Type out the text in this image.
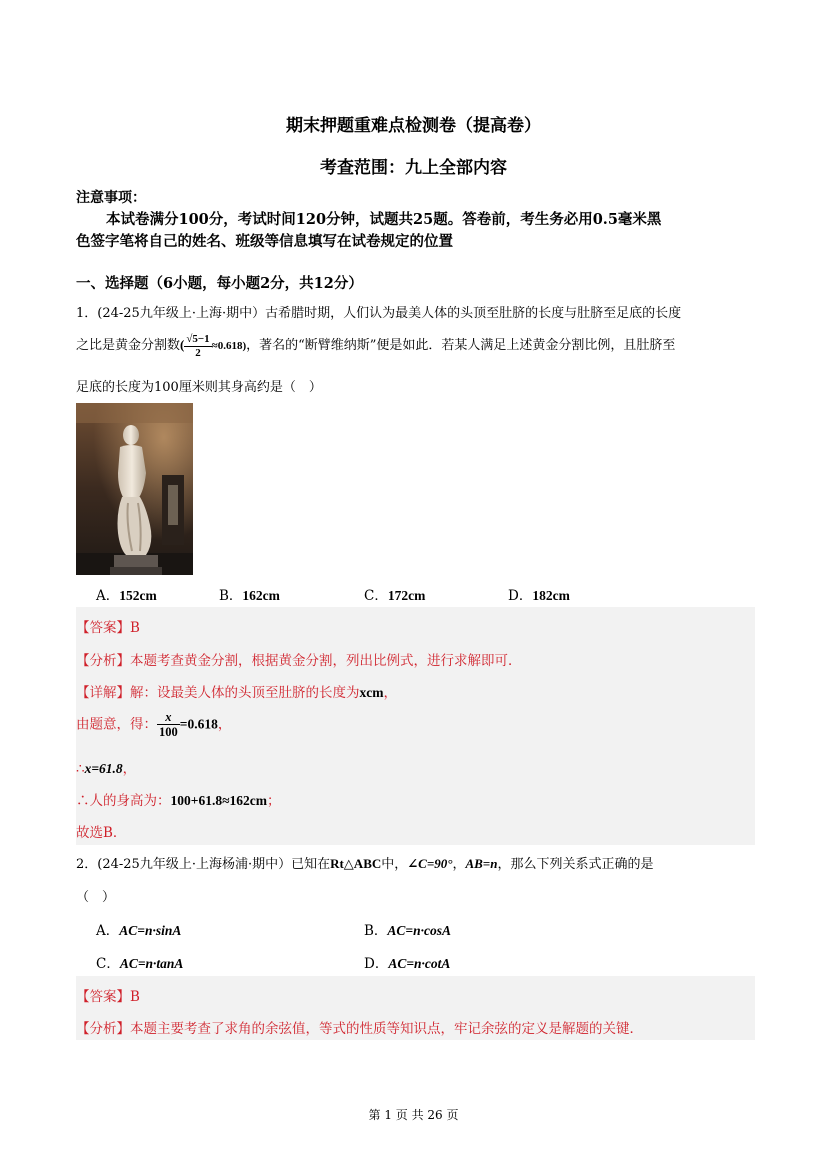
期末押题重难点检测卷（提高卷）
考查范围：九上全部内容
注意事项：
本试卷满分100分，考试时间120分钟，试题共25题。答卷前，考生务必用0.5毫米黑
色签字笔将自己的姓名、班级等信息填写在试卷规定的位置
一、选择题（6小题，每小题2分，共12分）
1．(24-25九年级上·上海·期中）古希腊时期，人们认为最美人体的头顶至肚脐的长度与肚脐至足底的长度
之比是黄金分割数( $\frac{√5-1}{2} \approx 0.618$)，著名的“断臂维纳斯”便是如此．若某人满足上述黄金分割比例，且肚脐至
足底的长度为100厘米则其身高约是（　）
A．152cm	B．162cm	C．172cm	D．182cm
【答案】B
【分析】本题考查黄金分割，根据黄金分割，列出比例式，进行求解即可．
【详解】解：设最美人体的头顶至肚脐的长度为xcm，
由题意，得： $\frac{x}{100} =0.618$，
∴x=61.8，
∴人的身高为：100+61.8≈162cm；
故选B．
2．(24-25九年级上·上海杨浦·期中）已知在Rt△ABC中，∠C=90°，AB=n，那么下列关系式正确的是
（　）
A．AC=n·sinA	B．AC=n·cosA
C．AC=n·tanA	D．AC=n·cotA
【答案】B
【分析】本题主要考查了求角的余弦值，等式的性质等知识点，牢记余弦的定义是解题的关键．
第 1 页 共 26 页
